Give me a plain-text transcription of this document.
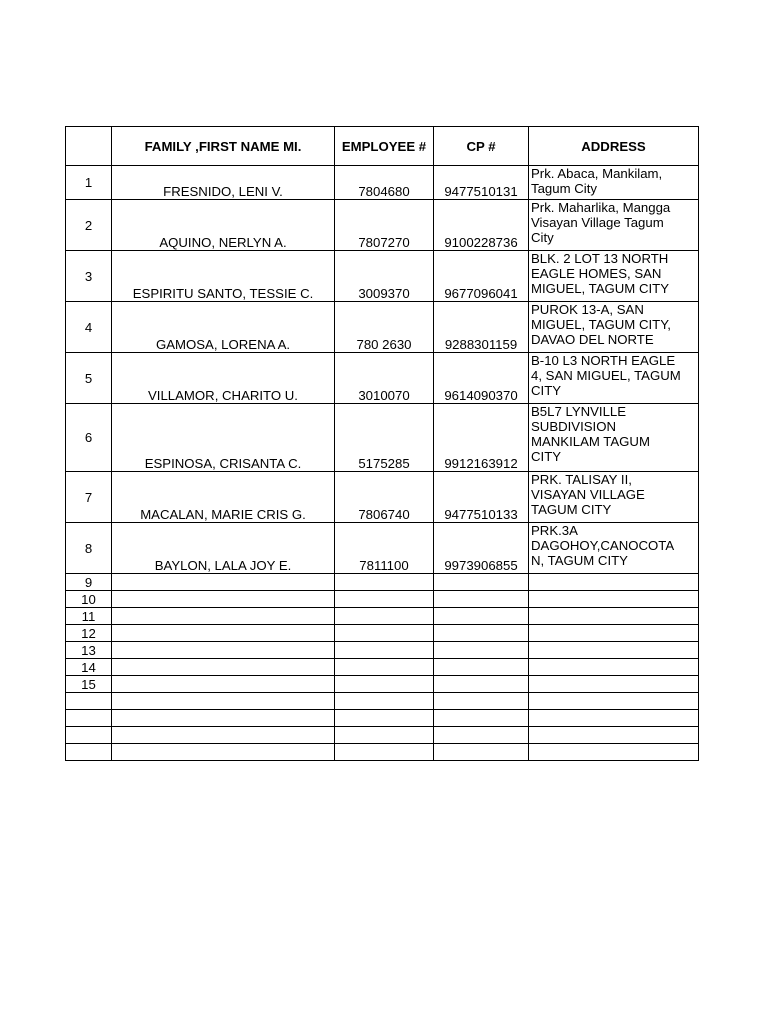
	FAMILY ,FIRST NAME MI.	EMPLOYEE #	CP #	ADDRESS
1	FRESNIDO, LENI V.	7804680	9477510131	Prk. Abaca, Mankilam,
Tagum City

2	AQUINO, NERLYN A.	7807270	9100228736	Prk. Maharlika, Mangga
Visayan Village Tagum
City

3	ESPIRITU SANTO, TESSIE C.	3009370	9677096041	BLK. 2 LOT 13 NORTH
EAGLE HOMES, SAN
MIGUEL, TAGUM CITY

4	GAMOSA, LORENA A.	780 2630	9288301159	PUROK 13-A, SAN
MIGUEL, TAGUM CITY,
DAVAO DEL NORTE

5	VILLAMOR, CHARITO U.	3010070	9614090370	B-10 L3 NORTH EAGLE
4, SAN MIGUEL, TAGUM
CITY

6	ESPINOSA, CRISANTA C.	5175285	9912163912	B5L7 LYNVILLE
SUBDIVISION
MANKILAM TAGUM
CITY

7	MACALAN, MARIE CRIS G.	7806740	9477510133	PRK. TALISAY II,
VISAYAN VILLAGE
TAGUM CITY

8	BAYLON, LALA JOY E.	7811100	9973906855	PRK.3A
DAGOHOY,CANOCOTA
N, TAGUM CITY

9				
10				
11				
12				
13				
14				
15				
